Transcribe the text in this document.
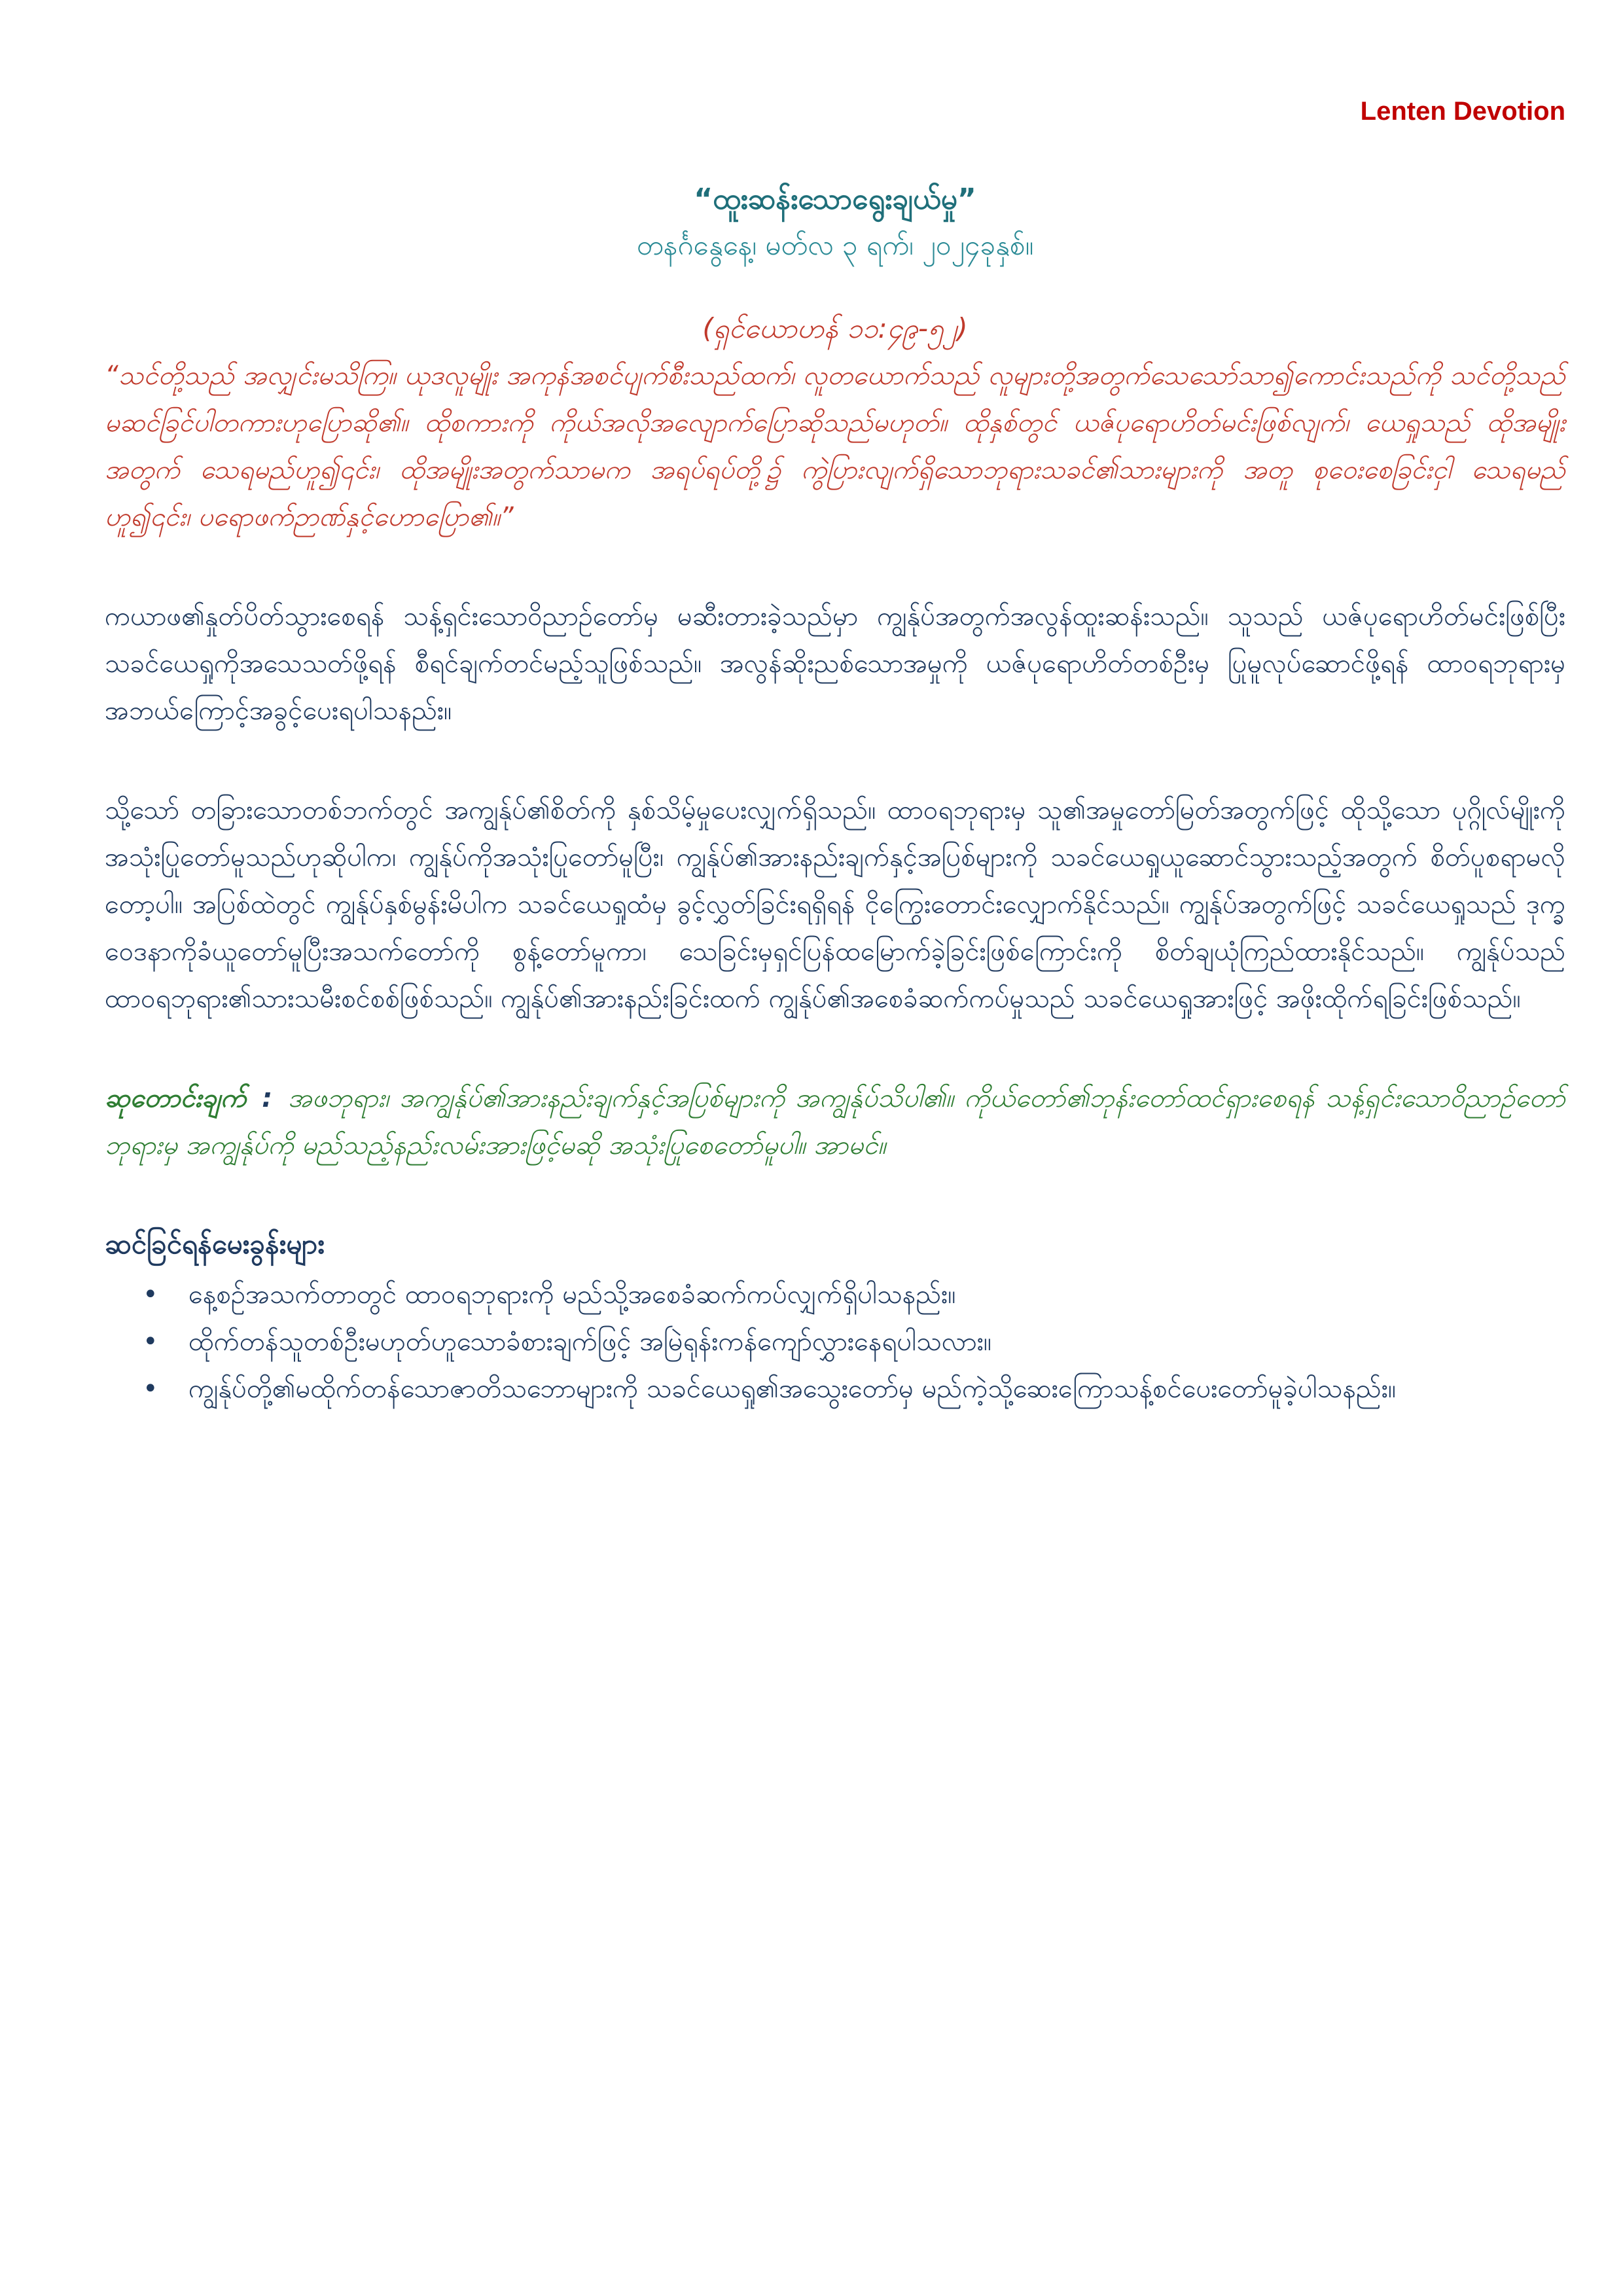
Lenten Devotion

“ထူးဆန်းသောရွေးချယ်မှု”

တနင်္ဂနွေနေ့၊ မတ်လ ၃ ရက်၊ ၂၀၂၄ခုနှစ်။

(ရှင်ယောဟန် ၁၁:၄၉-၅၂)

“သင်တို့သည် အလျှင်းမသိကြ။ ယုဒလူမျိုး အကုန်အစင်ပျက်စီးသည်ထက်၊ လူတယောက်သည် လူများတို့အတွက်သေသော်သာ၍ကောင်းသည်ကို သင်တို့သည် မဆင်ခြင်ပါတကားဟုပြောဆို၏။ ထိုစကားကို ကိုယ်အလိုအလျောက်ပြောဆိုသည်မဟုတ်။ ထိုနှစ်တွင် ယဇ်ပုရောဟိတ်မင်းဖြစ်လျက်၊ ယေရှုသည် ထိုအမျိုးအတွက် သေရမည်ဟူ၍၎င်း၊ ထိုအမျိုးအတွက်သာမက အရပ်ရပ်တို့၌ ကွဲပြားလျက်ရှိသောဘုရားသခင်၏သားများကို အတူ စုဝေးစေခြင်းငှါ သေရမည်ဟူ၍၎င်း၊ ပရောဖက်ဉာဏ်နှင့်ဟောပြော၏။”

ကယာဖ၏နှုတ်ပိတ်သွားစေရန် သန့်ရှင်းသောဝိညာဉ်တော်မှ မဆီးတားခဲ့သည်မှာ ကျွန်ုပ်အတွက်အလွန်ထူးဆန်းသည်။ သူသည် ယဇ်ပုရောဟိတ်မင်းဖြစ်ပြီး သခင်ယေရှုကိုအသေသတ်ဖို့ရန် စီရင်ချက်တင်မည့်သူဖြစ်သည်။ အလွန်ဆိုးညစ်သောအမှုကို ယဇ်ပုရောဟိတ်တစ်ဦးမှ ပြုမူလုပ်ဆောင်ဖို့ရန် ထာဝရဘုရားမှ အဘယ်ကြောင့်အခွင့်ပေးရပါသနည်း။

သို့သော် တခြားသောတစ်ဘက်တွင် အကျွန်ုပ်၏စိတ်ကို နှစ်သိမ့်မှုပေးလျှက်ရှိသည်။ ထာဝရဘုရားမှ သူ၏အမှုတော်မြတ်အတွက်ဖြင့် ထိုသို့သော ပုဂ္ဂိုလ်မျိုးကို အသုံးပြုတော်မူသည်ဟုဆိုပါက၊ ကျွန်ုပ်ကိုအသုံးပြုတော်မူပြီး၊ ကျွန်ုပ်၏အားနည်းချက်နှင့်အပြစ်များကို သခင်ယေရှုယူဆောင်သွားသည့်အတွက် စိတ်ပူစရာမလိုတော့ပါ။ အပြစ်ထဲတွင် ကျွန်ုပ်နှစ်မွန်းမိပါက သခင်ယေရှုထံမှ ခွင့်လွှတ်ခြင်းရရှိရန် ငိုကြွေးတောင်းလျှောက်နိုင်သည်။ ကျွန်ုပ်အတွက်ဖြင့် သခင်ယေရှုသည် ဒုက္ခဝေဒနာကိုခံယူတော်မူပြီးအသက်တော်ကို စွန့်တော်မူကာ၊ သေခြင်းမှရှင်ပြန်ထမြောက်ခဲ့ခြင်းဖြစ်ကြောင်းကို စိတ်ချယုံကြည်ထားနိုင်သည်။ ကျွန်ုပ်သည် ထာဝရဘုရား၏သားသမီးစင်စစ်ဖြစ်သည်။ ကျွန်ုပ်၏အားနည်းခြင်းထက် ကျွန်ုပ်၏အစေခံဆက်ကပ်မှုသည် သခင်ယေရှုအားဖြင့် အဖိုးထိုက်ရခြင်းဖြစ်သည်။

ဆုတောင်းချက် : အဖဘုရား၊ အကျွန်ုပ်၏အားနည်းချက်နှင့်အပြစ်များကို အကျွန်ုပ်သိပါ၏။ ကိုယ်တော်၏ဘုန်းတော်ထင်ရှားစေရန် သန့်ရှင်းသောဝိညာဉ်တော်ဘုရားမှ အကျွန်ုပ်ကို မည်သည့်နည်းလမ်းအားဖြင့်မဆို အသုံးပြုစေတော်မူပါ။ အာမင်။

ဆင်ခြင်ရန်မေးခွန်းများ

• နေ့စဉ်အသက်တာတွင် ထာဝရဘုရားကို မည်သို့အစေခံဆက်ကပ်လျှက်ရှိပါသနည်း။
• ထိုက်တန်သူတစ်ဦးမဟုတ်ဟူသောခံစားချက်ဖြင့် အမြဲရုန်းကန်ကျော်လွှားနေရပါသလား။
• ကျွန်ုပ်တို့၏မထိုက်တန်သောဇာတိသဘောများကို သခင်ယေရှု၏အသွေးတော်မှ မည်ကဲ့သို့ဆေးကြောသန့်စင်ပေးတော်မူခဲ့ပါသနည်း။
